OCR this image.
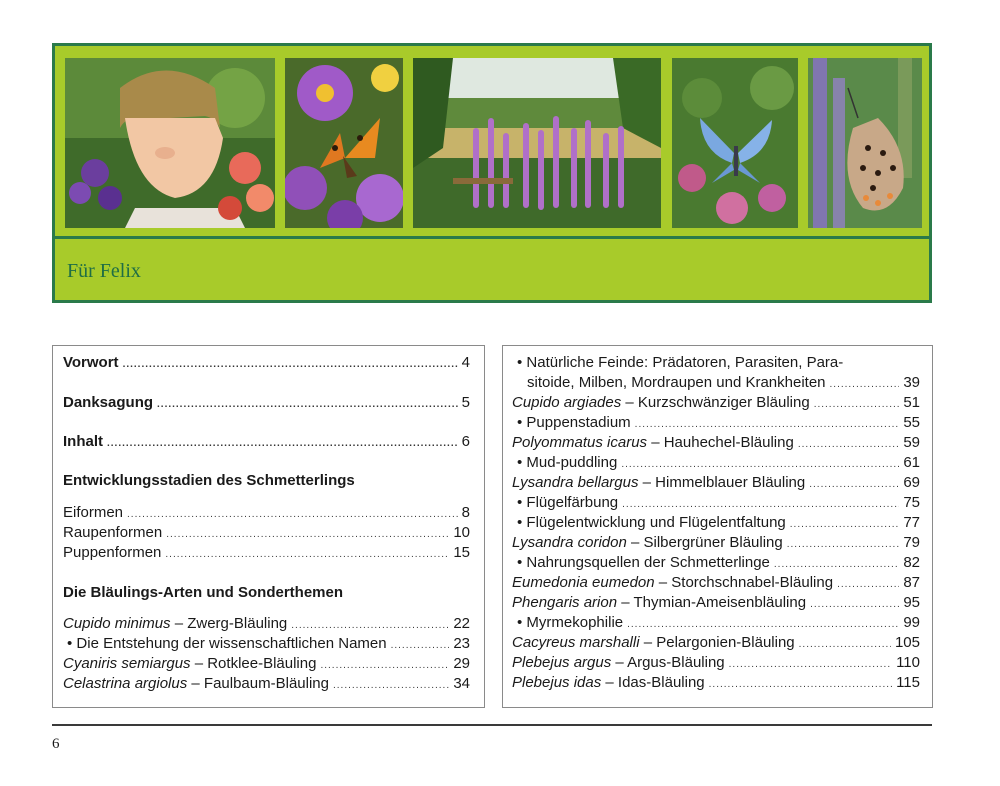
Für Felix
Vorwort .....	4
Danksagung .....	5
Inhalt .....	6
Entwicklungsstadien des Schmetterlings
Eiformen .....	8
Raupenformen .....	10
Puppenformen .....	15
Die Bläulings-Arten und Sonderthemen
Cupido minimus – Zwerg-Bläuling .....	22
• Die Entstehung der wissenschaftlichen Namen .....	23
Cyaniris semiargus – Rotklee-Bläuling .....	29
Celastrina argiolus – Faulbaum-Bläuling .....	34
• Natürliche Feinde: Prädatoren, Parasiten, Para-
sitoide, Milben, Mordraupen und Krankheiten .....	39
Cupido argiades – Kurzschwänziger Bläuling .....	51
• Puppenstadium .....	55
Polyommatus icarus – Hauhechel-Bläuling .....	59
• Mud-puddling .....	61
Lysandra bellargus – Himmelblauer Bläuling .....	69
• Flügelfärbung .....	75
• Flügelentwicklung und Flügelentfaltung .....	77
Lysandra coridon – Silbergrüner Bläuling .....	79
• Nahrungsquellen der Schmetterlinge .....	82
Eumedonia eumedon – Storchschnabel-Bläuling .....	87
Phengaris arion – Thymian-Ameisenbläuling .....	95
• Myrmekophilie .....	99
Cacyreus marshalli – Pelargonien-Bläuling .....	105
Plebejus argus – Argus-Bläuling .....	110
Plebejus idas – Idas-Bläuling .....	115
6
